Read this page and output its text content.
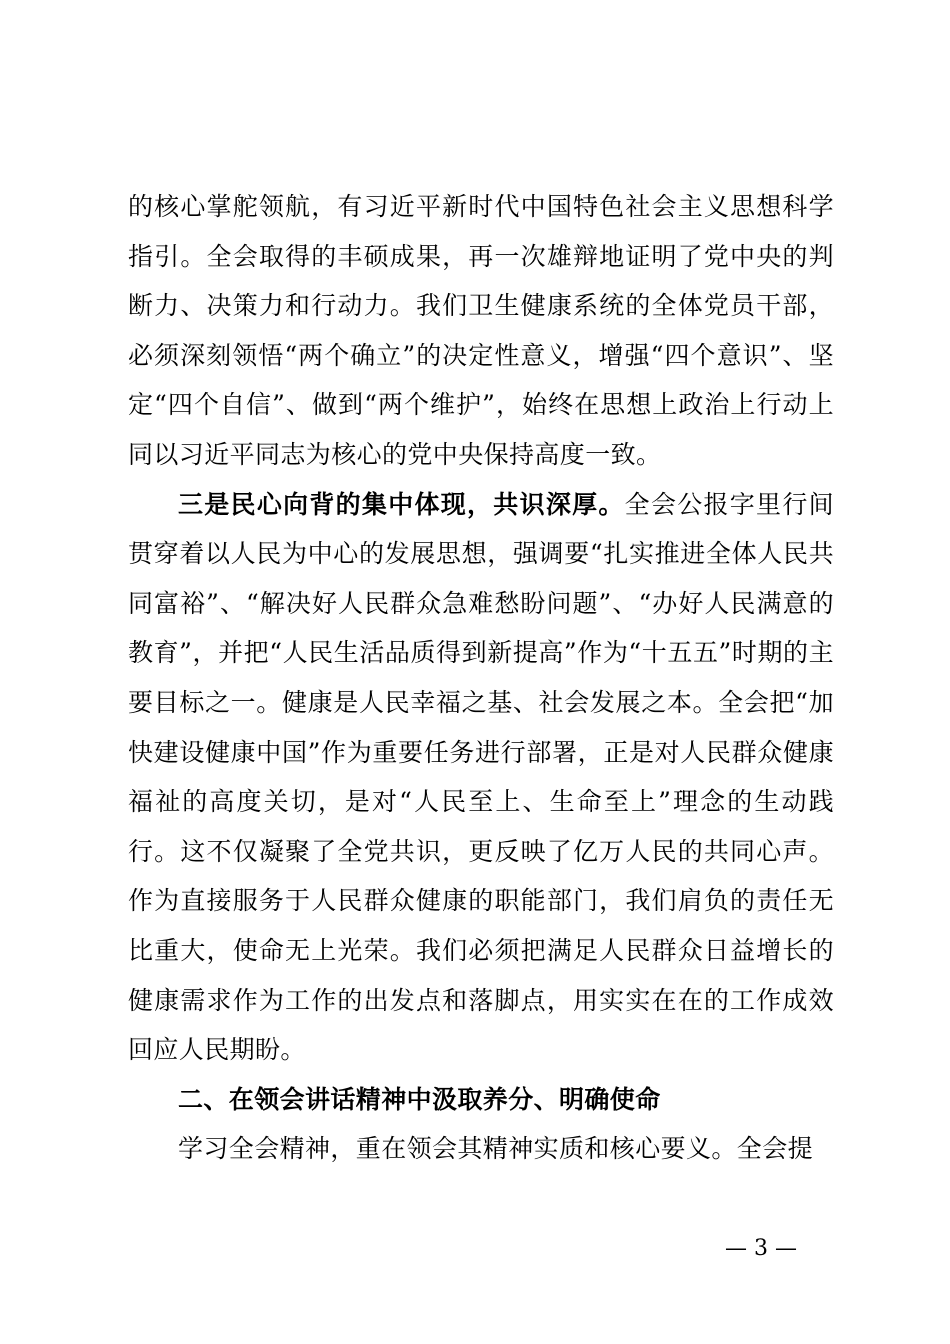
的核心掌舵领航，有习近平新时代中国特色社会主义思想科学指引。全会取得的丰硕成果，再一次雄辩地证明了党中央的判断力、决策力和行动力。我们卫生健康系统的全体党员干部，必须深刻领悟“两个确立”的决定性意义，增强“四个意识”、坚定“四个自信”、做到“两个维护”，始终在思想上政治上行动上同以习近平同志为核心的党中央保持高度一致。

三是民心向背的集中体现，共识深厚。全会公报字里行间贯穿着以人民为中心的发展思想，强调要“扎实推进全体人民共同富裕”、“解决好人民群众急难愁盼问题”、“办好人民满意的教育”，并把“人民生活品质得到新提高”作为“十五五”时期的主要目标之一。健康是人民幸福之基、社会发展之本。全会把“加快建设健康中国”作为重要任务进行部署，正是对人民群众健康福祉的高度关切，是对“人民至上、生命至上”理念的生动践行。这不仅凝聚了全党共识，更反映了亿万人民的共同心声。作为直接服务于人民群众健康的职能部门，我们肩负的责任无比重大，使命无上光荣。我们必须把满足人民群众日益增长的健康需求作为工作的出发点和落脚点，用实实在在的工作成效回应人民期盼。

二、在领会讲话精神中汲取养分、明确使命

学习全会精神，重在领会其精神实质和核心要义。全会提

— 3 —
